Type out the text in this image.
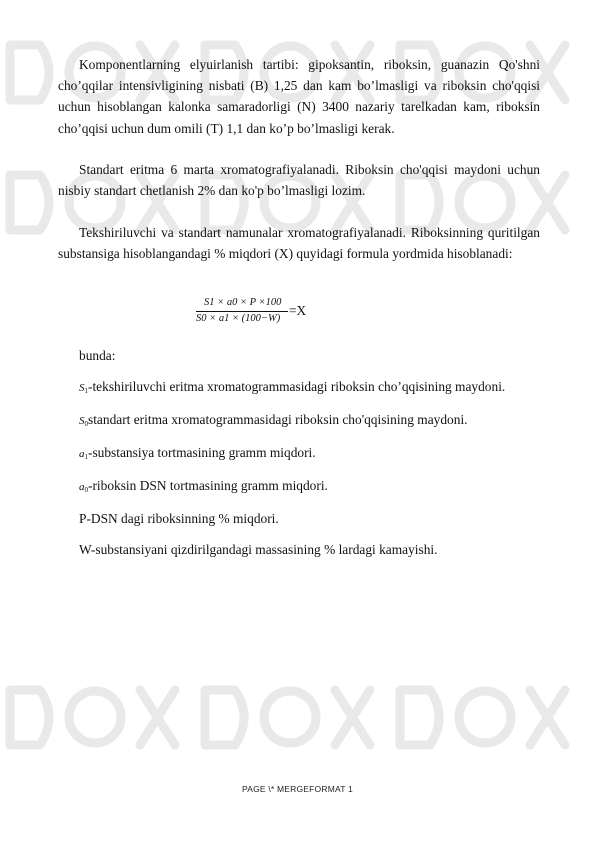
Komponentlarning elyuirlanish tartibi: gipoksantin, riboksin, guanazin Qo'shni cho’qqilar intensivligining nisbati (B) 1,25 dan kam bo’lmasligi va riboksin cho'qqisi uchun hisoblangan kalonka samaradorligi (N) 3400 nazariy tarelkadan kam, riboksin cho’qqisi uchun dum omili (T) 1,1 dan ko’p bo’lmasligi kerak.

Standart eritma 6 marta xromatografiyalanadi. Riboksin cho'qqisi maydoni uchun nisbiy standart chetlanish 2% dan ko'p bo’lmasligi lozim.

Tekshiriluvchi va standart namunalar xromatografiyalanadi. Riboksinning quritilgan substansiga hisoblangandagi % miqdori (X) quyidagi formula yordmida hisoblanadi:

S1 × a0 × P ×100
S0 × a1 × (100−W)
=X
bunda:
$S_1$-tekshiriluvchi eritma xromatogrammasidagi riboksin cho’qqisining maydoni.
$S_0standart$ eritma xromatogrammasidagi riboksin cho'qqisining maydoni.
$a_1$-substansiya tortmasining gramm miqdori.
$a_0$-riboksin DSN tortmasining gramm miqdori.
P-DSN dagi riboksinning % miqdori.
W-substansiyani qizdirilgandagi massasining % lardagi kamayishi.
PAGE \* MERGEFORMAT 1
